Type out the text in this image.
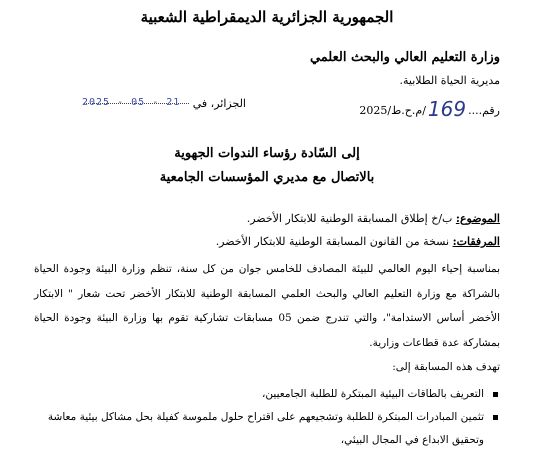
الجمهورية الجزائرية الديمقراطية الشعبية
وزارة التعليم العالي والبحث العلمي
مديرية الحياة الطلابية.
رقم....169/م.ح.ط/2025
الجزائر، في
2025 - 05 - 21
إلى السّادة رؤساء الندوات الجهوية
بالاتصال مع مديري المؤسسات الجامعية
الموضوع: ب/خ إطلاق المسابقة الوطنية للابتكار الأخضر.
المرفقات: نسخة من القانون المسابقة الوطنية للابتكار الأخضر.

بمناسبة إحياء اليوم العالمي للبيئة المصادف للخامس جوان من كل سنة، تنظم وزارة البيئة وجودة الحياة بالشراكة مع وزارة التعليم العالي والبحث العلمي المسابقة الوطنية للابتكار الأخضر تحت شعار " الابتكار الأخضر أساس الاستدامة"، والتي تندرج ضمن 05 مسابقات تشاركية تقوم بها وزارة البيئة وجودة الحياة بمشاركة عدة قطاعات وزارية.

تهدف هذه المسابقة إلى:

التعريف بالطاقات البيئية المبتكرة للطلبة الجامعيين،
تثمين المبادرات المبتكرة للطلبة وتشجيعهم على اقتراح حلول ملموسة كفيلة بحل مشاكل بيئية معاشة وتحقيق الابداع في المجال البيئي،
